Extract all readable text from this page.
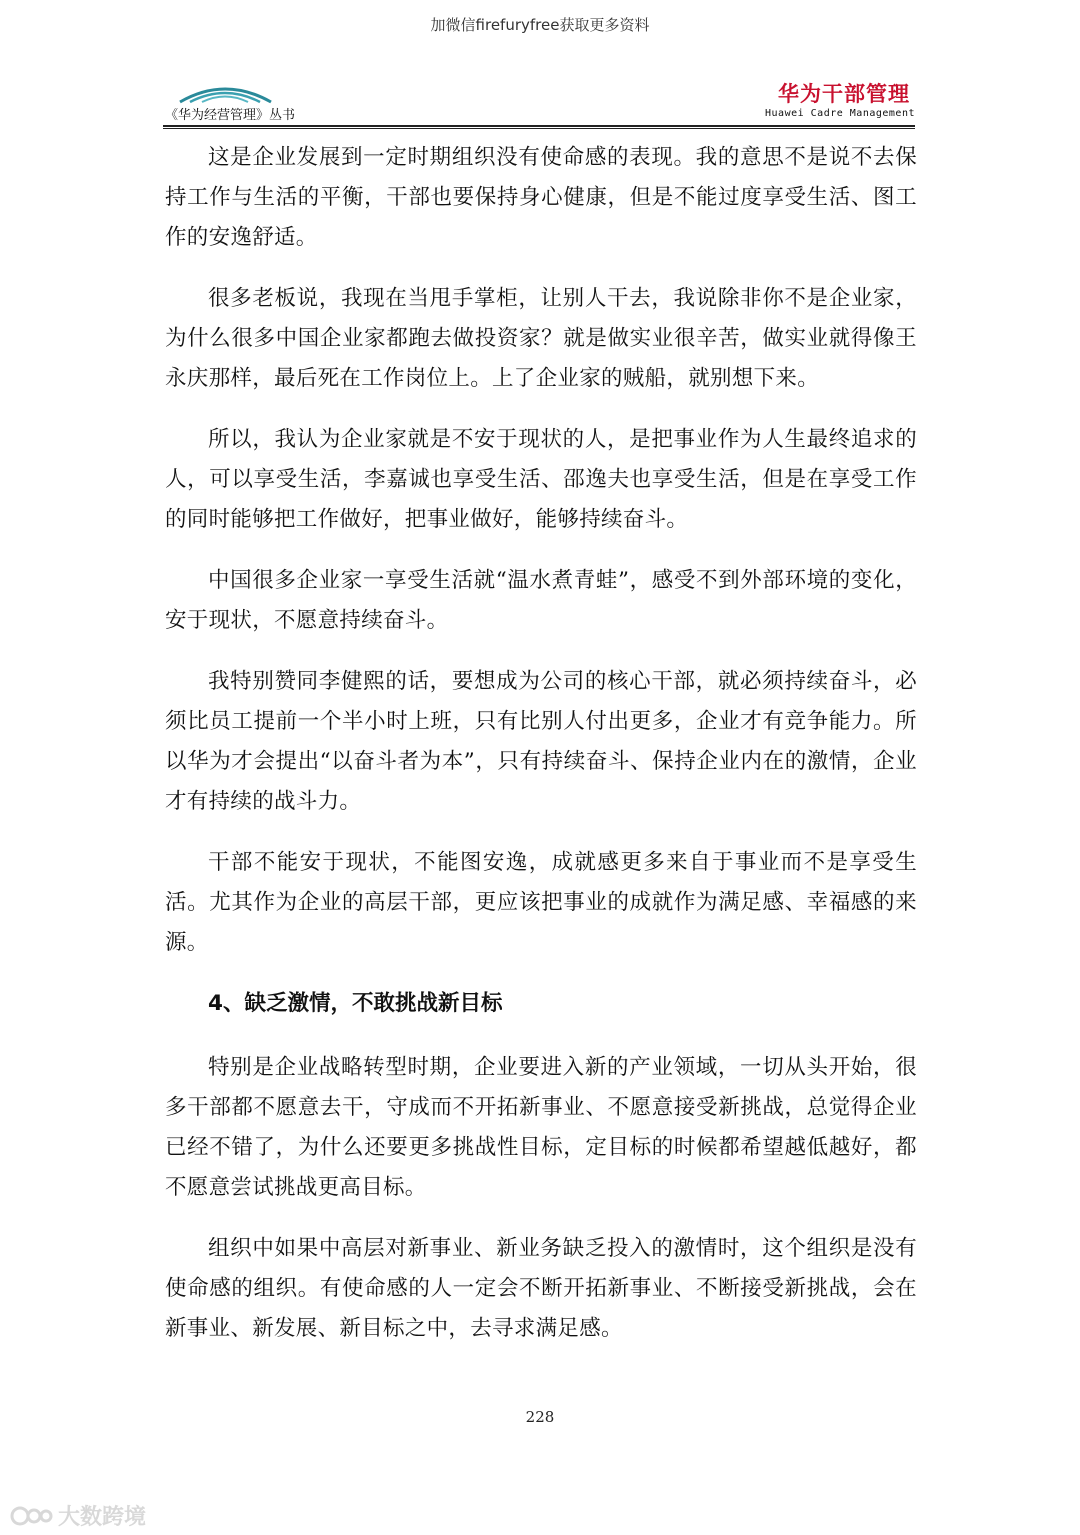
加微信firefuryfree获取更多资料
《华为经营管理》丛书
华为干部管理
Huawei Cadre Management

这是企业发展到一定时期组织没有使命感的表现。我的意思不是说不去保持工作与生活的平衡，干部也要保持身心健康，但是不能过度享受生活、图工作的安逸舒适。

很多老板说，我现在当甩手掌柜，让别人干去，我说除非你不是企业家，为什么很多中国企业家都跑去做投资家？就是做实业很辛苦，做实业就得像王永庆那样，最后死在工作岗位上。上了企业家的贼船，就别想下来。

所以，我认为企业家就是不安于现状的人，是把事业作为人生最终追求的人，可以享受生活，李嘉诚也享受生活、邵逸夫也享受生活，但是在享受工作的同时能够把工作做好，把事业做好，能够持续奋斗。

中国很多企业家一享受生活就“温水煮青蛙”，感受不到外部环境的变化，安于现状，不愿意持续奋斗。

我特别赞同李健熙的话，要想成为公司的核心干部，就必须持续奋斗，必须比员工提前一个半小时上班，只有比别人付出更多，企业才有竞争能力。所以华为才会提出“以奋斗者为本”，只有持续奋斗、保持企业内在的激情，企业才有持续的战斗力。

干部不能安于现状，不能图安逸，成就感更多来自于事业而不是享受生活。尤其作为企业的高层干部，更应该把事业的成就作为满足感、幸福感的来源。

4、缺乏激情，不敢挑战新目标

特别是企业战略转型时期，企业要进入新的产业领域，一切从头开始，很多干部都不愿意去干，守成而不开拓新事业、不愿意接受新挑战，总觉得企业已经不错了，为什么还要更多挑战性目标，定目标的时候都希望越低越好，都不愿意尝试挑战更高目标。

组织中如果中高层对新事业、新业务缺乏投入的激情时，这个组织是没有使命感的组织。有使命感的人一定会不断开拓新事业、不断接受新挑战，会在新事业、新发展、新目标之中，去寻求满足感。

228
大数跨境
